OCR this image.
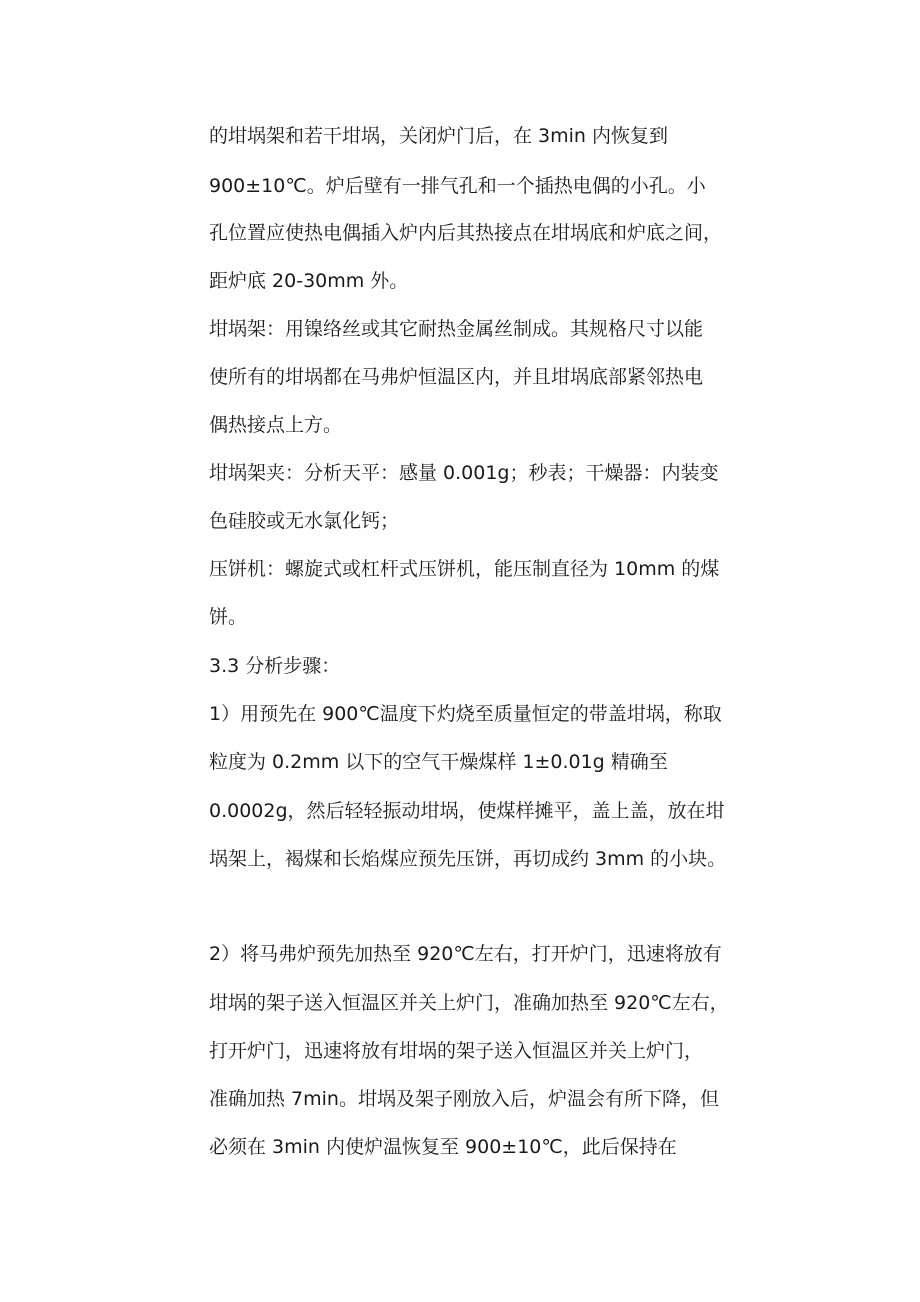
的坩埚架和若干坩埚，关闭炉门后，在 3min 内恢复到
900±10℃。炉后壁有一排气孔和一个插热电偶的小孔。小
孔位置应使热电偶插入炉内后其热接点在坩埚底和炉底之间，
距炉底 20-30mm 外。
坩埚架：用镍络丝或其它耐热金属丝制成。其规格尺寸以能
使所有的坩埚都在马弗炉恒温区内，并且坩埚底部紧邻热电
偶热接点上方。
坩埚架夹：分析天平：感量 0.001g；秒表；干燥器：内装变
色硅胶或无水氯化钙；
压饼机：螺旋式或杠杆式压饼机，能压制直径为 10mm 的煤
饼。
3.3 分析步骤：
1）用预先在 900℃温度下灼烧至质量恒定的带盖坩埚，称取
粒度为 0.2mm 以下的空气干燥煤样 1±0.01g 精确至
0.0002g，然后轻轻振动坩埚，使煤样摊平，盖上盖，放在坩
埚架上，褐煤和长焰煤应预先压饼，再切成约 3mm 的小块。
2）将马弗炉预先加热至 920℃左右，打开炉门，迅速将放有
坩埚的架子送入恒温区并关上炉门，准确加热至 920℃左右，
打开炉门，迅速将放有坩埚的架子送入恒温区并关上炉门，
准确加热 7min。坩埚及架子刚放入后，炉温会有所下降，但
必须在 3min 内使炉温恢复至 900±10℃，此后保持在
